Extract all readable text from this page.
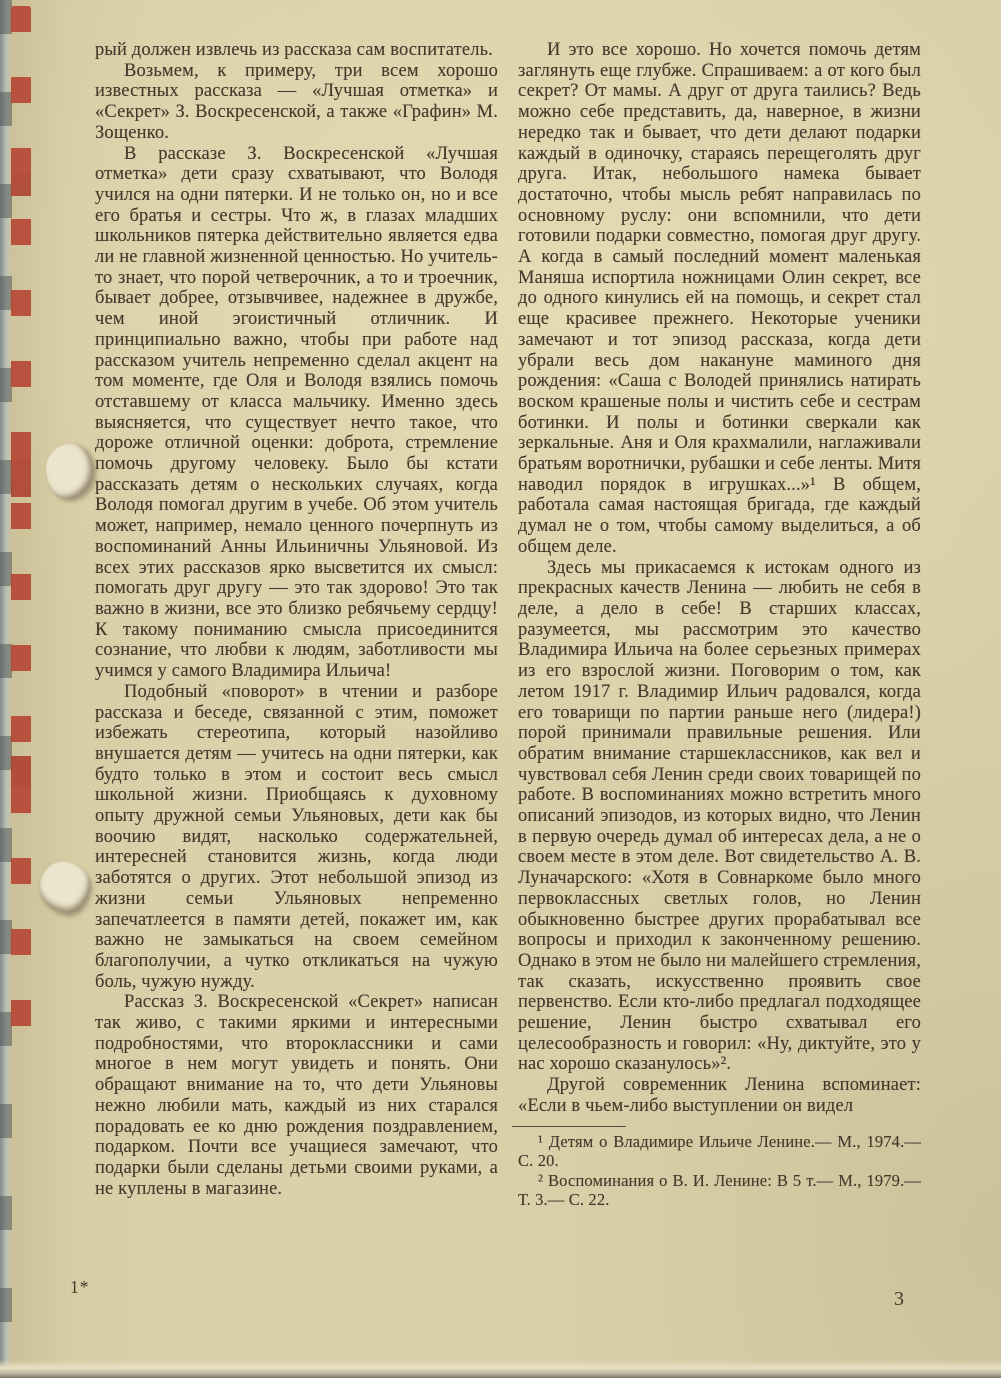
рый должен извлечь из рассказа сам воспитатель.

Возьмем, к примеру, три всем хорошо известных рассказа — «Лучшая отметка» и «Секрет» З. Воскресенской, а также «Графин» М. Зощенко.

В рассказе З. Воскресенской «Лучшая отметка» дети сразу схватывают, что Володя учился на одни пятерки. И не только он, но и все его братья и сестры. Что ж, в глазах младших школьников пятерка действительно является едва ли не главной жизненной ценностью. Но учитель-то знает, что порой четверочник, а то и троечник, бывает добрее, отзывчивее, надежнее в дружбе, чем иной эгоистичный отличник. И принципиально важно, чтобы при работе над рассказом учитель непременно сделал акцент на том моменте, где Оля и Володя взялись помочь отставшему от класса мальчику. Именно здесь выясняется, что существует нечто такое, что дороже отличной оценки: доброта, стремление помочь другому человеку. Было бы кстати рассказать детям о нескольких случаях, когда Володя помогал другим в учебе. Об этом учитель может, например, немало ценного почерпнуть из воспоминаний Анны Ильиничны Ульяновой. Из всех этих рассказов ярко высветится их смысл: помогать друг другу — это так здорово! Это так важно в жизни, все это близко ребячьему сердцу! К такому пониманию смысла присоединится сознание, что любви к людям, заботливости мы учимся у самого Владимира Ильича!

Подобный «поворот» в чтении и разборе рассказа и беседе, связанной с этим, поможет избежать стереотипа, который назойливо внушается детям — учитесь на одни пятерки, как будто только в этом и состоит весь смысл школьной жизни. Приобщаясь к духовному опыту дружной семьи Ульяновых, дети как бы воочию видят, насколько содержательней, интересней становится жизнь, когда люди заботятся о других. Этот небольшой эпизод из жизни семьи Ульяновых непременно запечатлеется в памяти детей, покажет им, как важно не замыкаться на своем семейном благополучии, а чутко откликаться на чужую боль, чужую нужду.

Рассказ З. Воскресенской «Секрет» написан так живо, с такими яркими и интересными подробностями, что второклассники и сами многое в нем могут увидеть и понять. Они обращают внимание на то, что дети Ульяновы нежно любили мать, каждый из них старался порадовать ее ко дню рождения поздравлением, подарком. Почти все учащиеся замечают, что подарки были сделаны детьми своими руками, а не куплены в магазине.

И это все хорошо. Но хочется помочь детям заглянуть еще глубже. Спрашиваем: а от кого был секрет? От мамы. А друг от друга таились? Ведь можно себе представить, да, наверное, в жизни нередко так и бывает, что дети делают подарки каждый в одиночку, стараясь перещеголять друг друга. Итак, небольшого намека бывает достаточно, чтобы мысль ребят направилась по основному руслу: они вспомнили, что дети готовили подарки совместно, помогая друг другу. А когда в самый последний момент маленькая Маняша испортила ножницами Олин секрет, все до одного кинулись ей на помощь, и секрет стал еще красивее прежнего. Некоторые ученики замечают и тот эпизод рассказа, когда дети убрали весь дом накануне маминого дня рождения: «Саша с Володей принялись натирать воском крашеные полы и чистить себе и сестрам ботинки. И полы и ботинки сверкали как зеркальные. Аня и Оля крахмалили, наглаживали братьям воротнички, рубашки и себе ленты. Митя наводил порядок в игрушках...»¹ В общем, работала самая настоящая бригада, где каждый думал не о том, чтобы самому выделиться, а об общем деле.

Здесь мы прикасаемся к истокам одного из прекрасных качеств Ленина — любить не себя в деле, а дело в себе! В старших классах, разумеется, мы рассмотрим это качество Владимира Ильича на более серьезных примерах из его взрослой жизни. Поговорим о том, как летом 1917 г. Владимир Ильич радовался, когда его товарищи по партии раньше него (лидера!) порой принимали правильные решения. Или обратим внимание старшеклассников, как вел и чувствовал себя Ленин среди своих товарищей по работе. В воспоминаниях можно встретить много описаний эпизодов, из которых видно, что Ленин в первую очередь думал об интересах дела, а не о своем месте в этом деле. Вот свидетельство А. В. Луначарского: «Хотя в Совнаркоме было много первоклассных светлых голов, но Ленин обыкновенно быстрее других прорабатывал все вопросы и приходил к законченному решению. Однако в этом не было ни малейшего стремления, так сказать, искусственно проявить свое первенство. Если кто-либо предлагал подходящее решение, Ленин быстро схватывал его целесообразность и говорил: «Ну, диктуйте, это у нас хорошо сказанулось»².

Другой современник Ленина вспоминает: «Если в чьем-либо выступлении он видел

¹ Детям о Владимире Ильиче Ленине.— М., 1974.— С. 20.

² Воспоминания о В. И. Ленине: В 5 т.— М., 1979.— Т. 3.— С. 22.

1*
3
